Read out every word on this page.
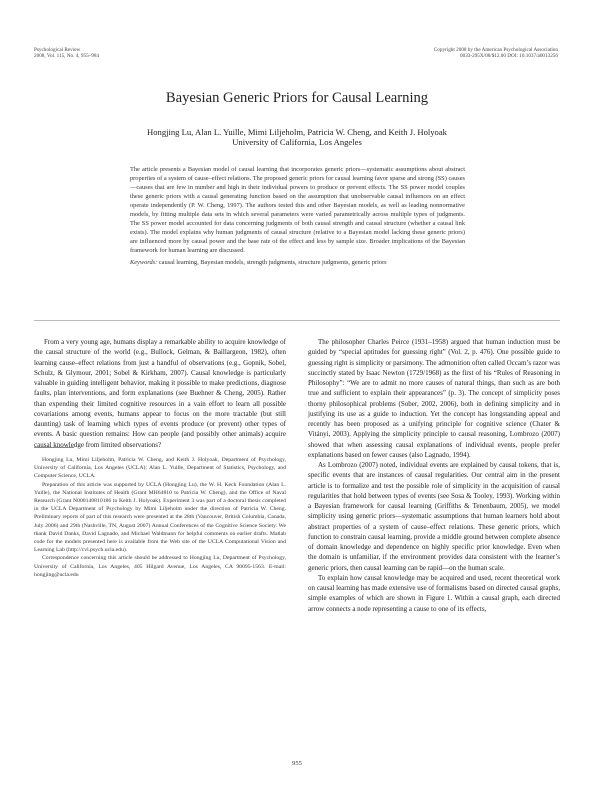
Psychological Review
2008, Vol. 115, No. 4, 955–984
Copyright 2008 by the American Psychological Association
0033-295X/08/$12.00 DOI: 10.1037/a0013256
Bayesian Generic Priors for Causal Learning
Hongjing Lu, Alan L. Yuille, Mimi Liljeholm, Patricia W. Cheng, and Keith J. Holyoak
University of California, Los Angeles
The article presents a Bayesian model of causal learning that incorporates generic priors—systematic assumptions about abstract properties of a system of cause–effect relations. The proposed generic priors for causal learning favor sparse and strong (SS) causes—causes that are few in number and high in their individual powers to produce or prevent effects. The SS power model couples these generic priors with a causal generating function based on the assumption that unobservable causal influences on an effect operate independently (P. W. Cheng, 1997). The authors tested this and other Bayesian models, as well as leading nonnormative models, by fitting multiple data sets in which several parameters were varied parametrically across multiple types of judgments. The SS power model accounted for data concerning judgments of both causal strength and causal structure (whether a causal link exists). The model explains why human judgments of causal structure (relative to a Bayesian model lacking these generic priors) are influenced more by causal power and the base rate of the effect and less by sample size. Broader implications of the Bayesian framework for human learning are discussed.
Keywords: causal learning, Bayesian models, strength judgments, structure judgments, generic priors

From a very young age, humans display a remarkable ability to acquire knowledge of the causal structure of the world (e.g., Bullock, Gelman, & Baillargeon, 1982), often learning cause–effect relations from just a handful of observations (e.g., Gopnik, Sobel, Schulz, & Glymour, 2001; Sobel & Kirkham, 2007). Causal knowledge is particularly valuable in guiding intelligent behavior, making it possible to make predictions, diagnose faults, plan interventions, and form explanations (see Buehner & Cheng, 2005). Rather than expending their limited cognitive resources in a vain effort to learn all possible covariations among events, humans appear to focus on the more tractable (but still daunting) task of learning which types of events produce (or prevent) other types of events. A basic question remains: How can people (and possibly other animals) acquire causal knowledge from limited observations?

Hongjing Lu, Mimi Liljeholm, Patricia W. Cheng, and Keith J. Holyoak, Department of Psychology, University of California, Los Angeles (UCLA); Alan L. Yuille, Department of Statistics, Psychology, and Computer Science, UCLA.

Preparation of this article was supported by UCLA (Hongjing Lu), the W. H. Keck Foundation (Alan L. Yuille), the National Institutes of Health (Grant MH64810 to Patricia W. Cheng), and the Office of Naval Research (Grant N000140810186 to Keith J. Holyoak). Experiment 3 was part of a doctoral thesis completed in the UCLA Department of Psychology by Mimi Liljeholm under the direction of Patricia W. Cheng. Preliminary reports of part of this research were presented at the 28th (Vancouver, British Columbia, Canada, July 2006) and 29th (Nashville, TN, August 2007) Annual Conferences of the Cognitive Science Society. We thank David Danks, David Lagnado, and Michael Waldmann for helpful comments on earlier drafts. Matlab code for the models presented here is available from the Web site of the UCLA Computational Vision and Learning Lab (http://cvl.psych.ucla.edu).

Correspondence concerning this article should be addressed to Hongjing Lu, Department of Psychology, University of California, Los Angeles, 405 Hilgard Avenue, Los Angeles, CA 90095-1563. E-mail: hongjing@ucla.edu

The philosopher Charles Peirce (1931–1958) argued that human induction must be guided by “special aptitudes for guessing right” (Vol. 2, p. 476). One possible guide to guessing right is simplicity or parsimony. The admonition often called Occam’s razor was succinctly stated by Isaac Newton (1729/1968) as the first of his “Rules of Reasoning in Philosophy”: “We are to admit no more causes of natural things, than such as are both true and sufficient to explain their appearances” (p. 3). The concept of simplicity poses thorny philosophical problems (Sober, 2002, 2006), both in defining simplicity and in justifying its use as a guide to induction. Yet the concept has longstanding appeal and recently has been proposed as a unifying principle for cognitive science (Chater & Vitányi, 2003). Applying the simplicity principle to causal reasoning, Lombrozo (2007) showed that when assessing causal explanations of individual events, people prefer explanations based on fewer causes (also Lagnado, 1994).

As Lombrozo (2007) noted, individual events are explained by causal tokens, that is, specific events that are instances of causal regularities. Our central aim in the present article is to formalize and test the possible role of simplicity in the acquisition of causal regularities that hold between types of events (see Sosa & Tooley, 1993). Working within a Bayesian framework for causal learning (Griffiths & Tenenbaum, 2005), we model simplicity using generic priors—systematic assumptions that human learners hold about abstract properties of a system of cause–effect relations. These generic priors, which function to constrain causal learning, provide a middle ground between complete absence of domain knowledge and dependence on highly specific prior knowledge. Even when the domain is unfamiliar, if the environment provides data consistent with the learner’s generic priors, then causal learning can be rapid—on the human scale.

To explain how causal knowledge may be acquired and used, recent theoretical work on causal learning has made extensive use of formalisms based on directed causal graphs, simple examples of which are shown in Figure 1. Within a causal graph, each directed arrow connects a node representing a cause to one of its effects,

955
